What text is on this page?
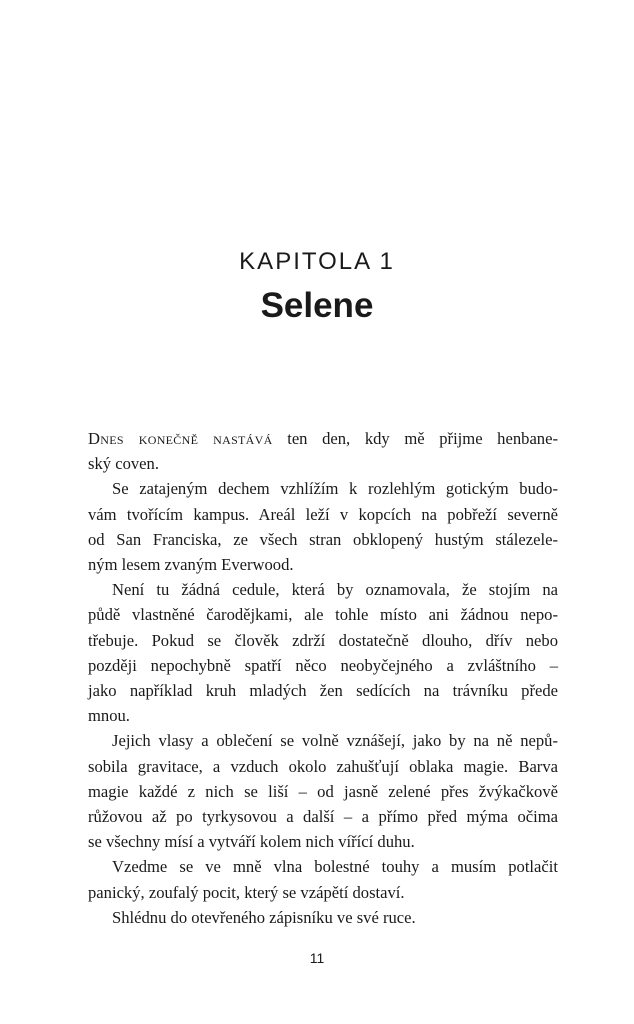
KAPITOLA 1
Selene
Dnes konečně nastává ten den, kdy mě přijme henbane-
ský coven.
Se zatajeným dechem vzhlížím k rozlehlým gotickým budo-
vám tvořícím kampus. Areál leží v kopcích na pobřeží severně
od San Franciska, ze všech stran obklopený hustým stálezele-
ným lesem zvaným Everwood.
Není tu žádná cedule, která by oznamovala, že stojím na
půdě vlastněné čarodějkami, ale tohle místo ani žádnou nepo-
třebuje. Pokud se člověk zdrží dostatečně dlouho, dřív nebo
později nepochybně spatří něco neobyčejného a zvláštního –
jako například kruh mladých žen sedících na trávníku přede
mnou.
Jejich vlasy a oblečení se volně vznášejí, jako by na ně nepů-
sobila gravitace, a vzduch okolo zahušťují oblaka magie. Barva
magie každé z nich se liší – od jasně zelené přes žvýkačkově
růžovou až po tyrkysovou a další – a přímo před mýma očima
se všechny mísí a vytváří kolem nich vířící duhu.
Vzedme se ve mně vlna bolestné touhy a musím potlačit
panický, zoufalý pocit, který se vzápětí dostaví.
Shlédnu do otevřeného zápisníku ve své ruce.
11
